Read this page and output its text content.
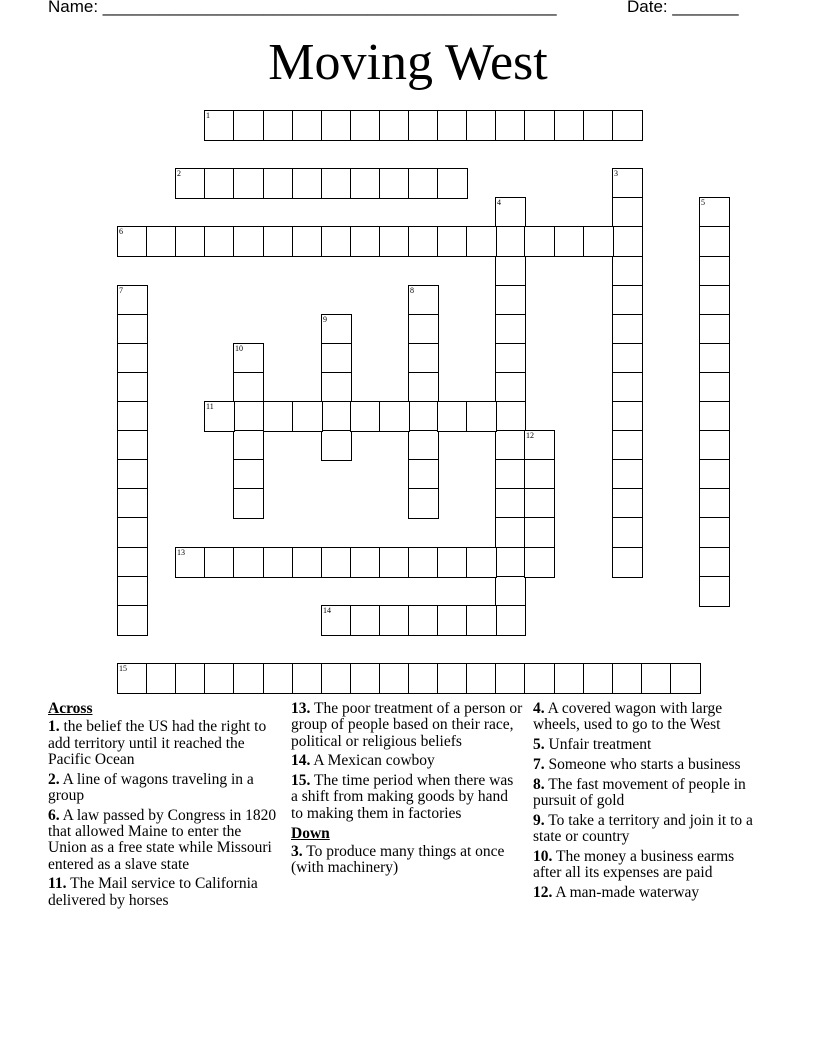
Name: ________________________________________________	Date: _______
Moving West
1
2	3
4	5
6
7	8
9
10
11
12
13
14
15
Across
1. the belief the US had the right to add territory until it reached the Pacific Ocean
2. A line of wagons traveling in a group
6. A law passed by Congress in 1820 that allowed Maine to enter the Union as a free state while Missouri entered as a slave state
11. The Mail service to California delivered by horses
13. The poor treatment of a person or group of people based on their race, political or religious beliefs
14. A Mexican cowboy
15. The time period when there was a shift from making goods by hand to making them in factories
Down
3. To produce many things at once (with machinery)
4. A covered wagon with large wheels, used to go to the West
5. Unfair treatment
7. Someone who starts a business
8. The fast movement of people in pursuit of gold
9. To take a territory and join it to a state or country
10. The money a business earms after all its expenses are paid
12. A man-made waterway
